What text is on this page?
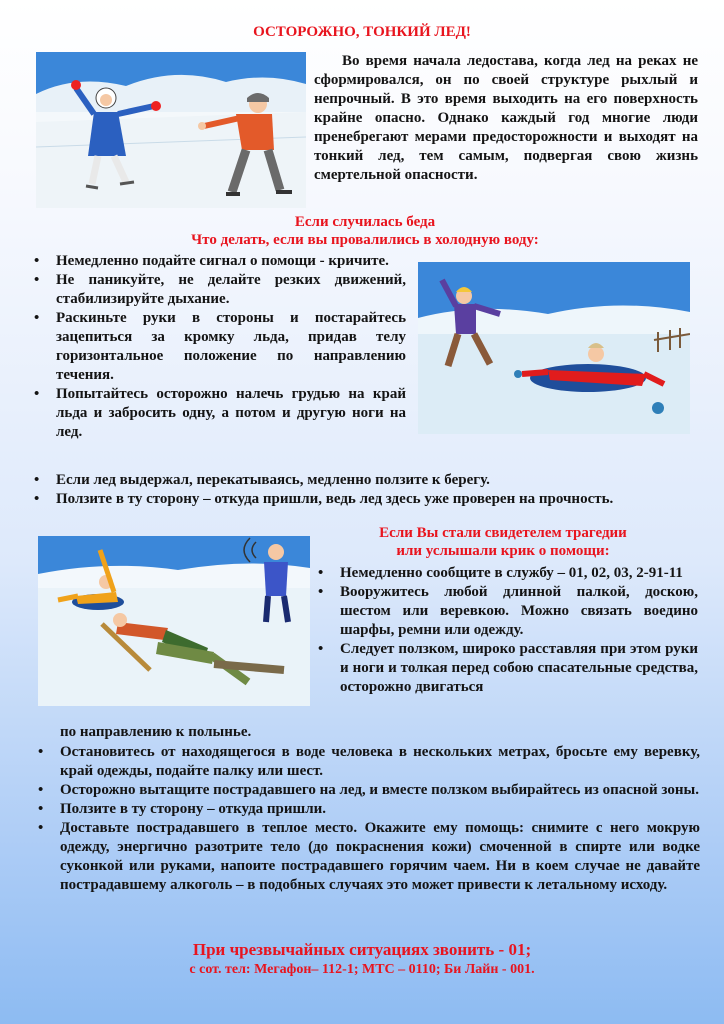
ОСТОРОЖНО, ТОНКИЙ ЛЕД!
Во время начала ледостава, когда лед на реках не сформировался, он по своей структуре рыхлый и непрочный. В это время выходить на его поверхность крайне опасно. Однако каждый год многие люди пренебрегают мерами предосторожности и выходят на тонкий лед, тем самым, подвергая свою жизнь смертельной опасности.
Если случилась беда
Что делать, если вы провалились в холодную воду:
• Немедленно подайте сигнал о помощи - кричите.
• Не паникуйте, не делайте резких движений, стабилизируйте дыхание.
• Раскиньте руки в стороны и постарайтесь зацепиться за кромку льда, придав телу горизонтальное положение по направлению течения.
• Попытайтесь осторожно налечь грудью на край льда и забросить одну, а потом и другую ноги на лед.
• Если лед выдержал, перекатываясь, медленно ползите к берегу.
• Ползите в ту сторону – откуда пришли, ведь лед здесь уже проверен на прочность.
Если Вы стали свидетелем трагедии
или услышали крик о помощи:
• Немедленно сообщите в службу – 01, 02, 03, 2-91-11
• Вооружитесь любой длинной палкой, доскою, шестом или веревкою. Можно связать воедино шарфы, ремни или одежду.
• Следует ползком, широко расставляя при этом руки и ноги и толкая перед собою спасательные средства, осторожно двигаться
по направлению к полынье.
• Остановитесь от находящегося в воде человека в нескольких метрах, бросьте ему веревку, край одежды, подайте палку или шест.
• Осторожно вытащите пострадавшего на лед, и вместе ползком выбирайтесь из опасной зоны.
• Ползите в ту сторону – откуда пришли.
• Доставьте пострадавшего в теплое место. Окажите ему помощь: снимите с него мокрую одежду, энергично разотрите тело (до покраснения кожи) смоченной в спирте или водке суконкой или руками, напоите пострадавшего горячим чаем. Ни в коем случае не давайте пострадавшему алкоголь – в подобных случаях это может привести к летальному исходу.
При чрезвычайных ситуациях звонить - 01;
с сот. тел: Мегафон– 112-1; МТС – 0110; Би Лайн - 001.
